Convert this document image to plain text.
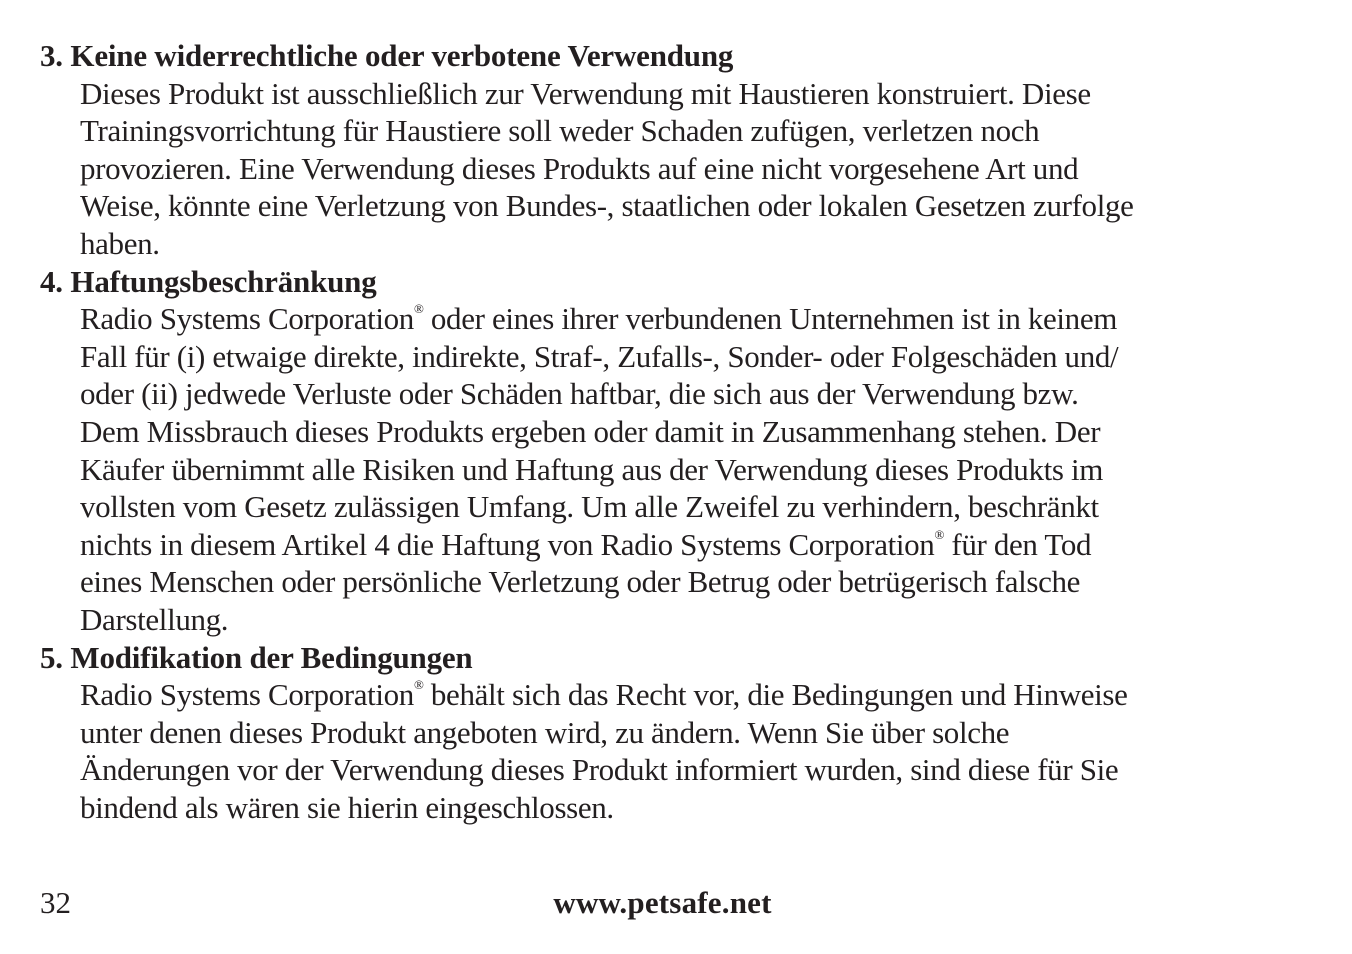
3. Keine widerrechtliche oder verbotene Verwendung

Dieses Produkt ist ausschließlich zur Verwendung mit Haustieren konstruiert. Diese
Trainingsvorrichtung für Haustiere soll weder Schaden zufügen, verletzen noch
provozieren. Eine Verwendung dieses Produkts auf eine nicht vorgesehene Art und
Weise, könnte eine Verletzung von Bundes-, staatlichen oder lokalen Gesetzen zurfolge
haben.

4. Haftungsbeschränkung

Radio Systems Corporation® oder eines ihrer verbundenen Unternehmen ist in keinem
Fall für (i) etwaige direkte, indirekte, Straf-, Zufalls-, Sonder- oder Folgeschäden und/
oder (ii) jedwede Verluste oder Schäden haftbar, die sich aus der Verwendung bzw.
Dem Missbrauch dieses Produkts ergeben oder damit in Zusammenhang stehen. Der
Käufer übernimmt alle Risiken und Haftung aus der Verwendung dieses Produkts im
vollsten vom Gesetz zulässigen Umfang. Um alle Zweifel zu verhindern, beschränkt
nichts in diesem Artikel 4 die Haftung von Radio Systems Corporation® für den Tod
eines Menschen oder persönliche Verletzung oder Betrug oder betrügerisch falsche
Darstellung.

5. Modifikation der Bedingungen

Radio Systems Corporation® behält sich das Recht vor, die Bedingungen und Hinweise
unter denen dieses Produkt angeboten wird, zu ändern. Wenn Sie über solche
Änderungen vor der Verwendung dieses Produkt informiert wurden, sind diese für Sie
bindend als wären sie hierin eingeschlossen.

32	www.petsafe.net
